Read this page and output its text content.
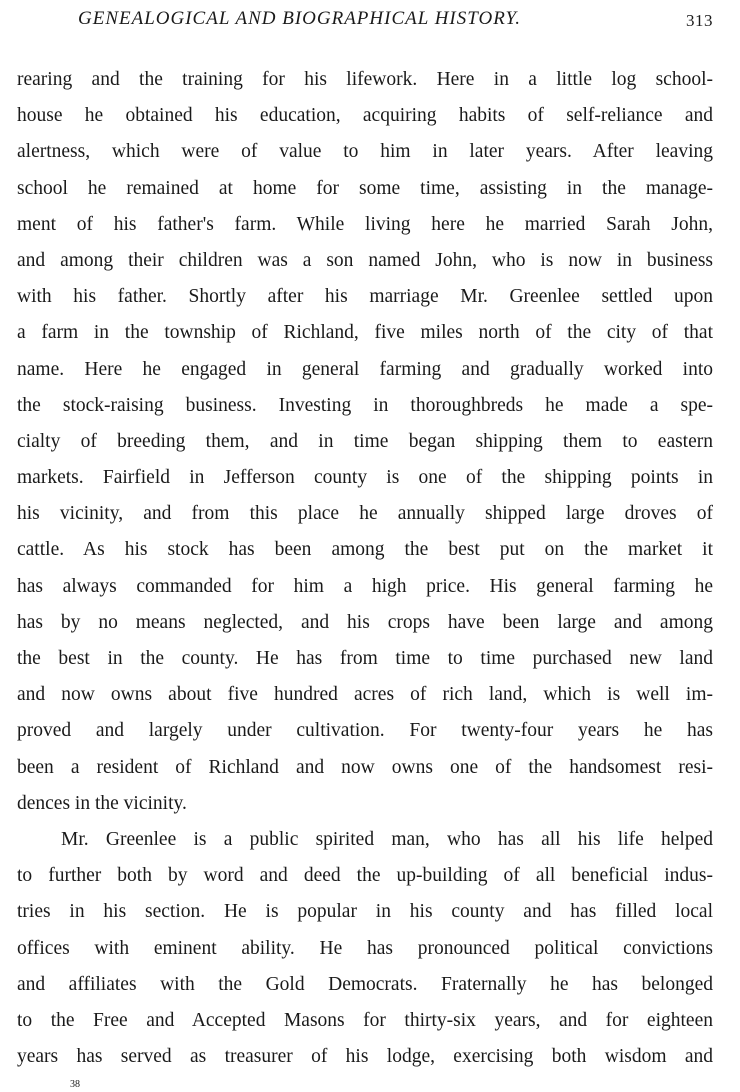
GENEALOGICAL AND BIOGRAPHICAL HISTORY.	313
rearing and the training for his lifework. Here in a little log school-
house he obtained his education, acquiring habits of self-reliance and
alertness, which were of value to him in later years. After leaving
school he remained at home for some time, assisting in the manage-
ment of his father's farm. While living here he married Sarah John,
and among their children was a son named John, who is now in business
with his father. Shortly after his marriage Mr. Greenlee settled upon
a farm in the township of Richland, five miles north of the city of that
name. Here he engaged in general farming and gradually worked into
the stock-raising business. Investing in thoroughbreds he made a spe-
cialty of breeding them, and in time began shipping them to eastern
markets. Fairfield in Jefferson county is one of the shipping points in
his vicinity, and from this place he annually shipped large droves of
cattle. As his stock has been among the best put on the market it
has always commanded for him a high price. His general farming he
has by no means neglected, and his crops have been large and among
the best in the county. He has from time to time purchased new land
and now owns about five hundred acres of rich land, which is well im-
proved and largely under cultivation. For twenty-four years he has
been a resident of Richland and now owns one of the handsomest resi-
dences in the vicinity.
Mr. Greenlee is a public spirited man, who has all his life helped
to further both by word and deed the up-building of all beneficial indus-
tries in his section. He is popular in his county and has filled local
offices with eminent ability. He has pronounced political convictions
and affiliates with the Gold Democrats. Fraternally he has belonged
to the Free and Accepted Masons for thirty-six years, and for eighteen
years has served as treasurer of his lodge, exercising both wisdom and
38
